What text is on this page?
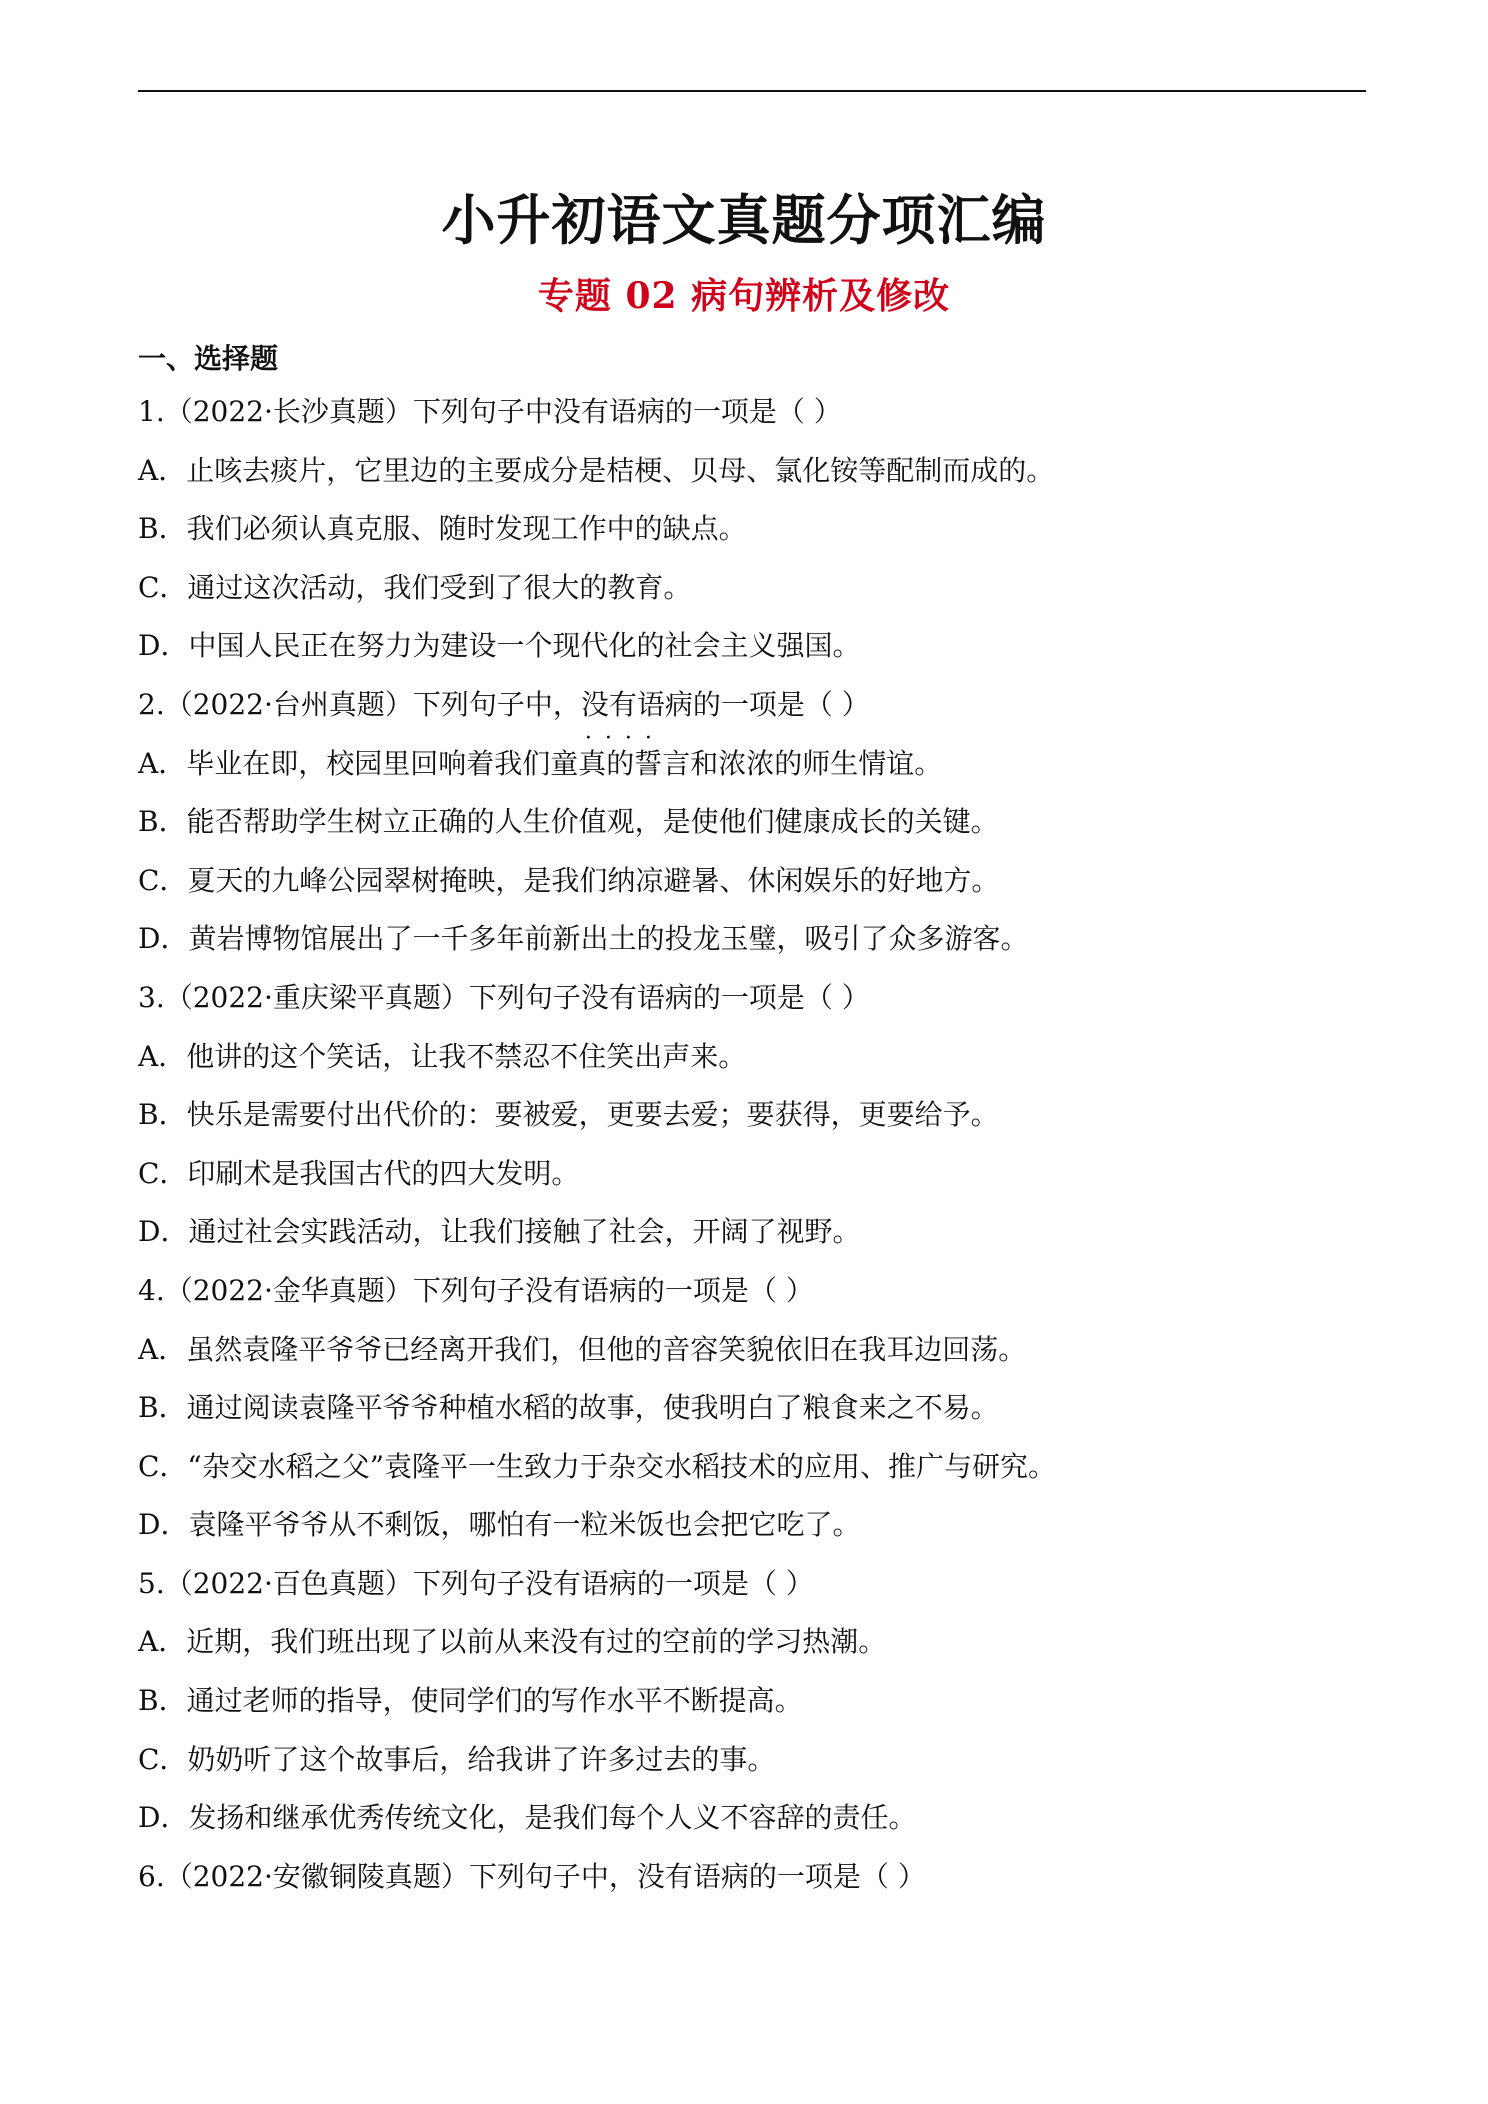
小升初语文真题分项汇编
专题 02 病句辨析及修改
一、选择题
1.（2022·长沙真题）下列句子中没有语病的一项是（ ）
A．止咳去痰片，它里边的主要成分是桔梗、贝母、氯化铵等配制而成的。
B．我们必须认真克服、随时发现工作中的缺点。
C．通过这次活动，我们受到了很大的教育。
D．中国人民正在努力为建设一个现代化的社会主义强国。
2.（2022·台州真题）下列句子中，没有语病 · · · ·的一项是（ ）
A．毕业在即，校园里回响着我们童真的誓言和浓浓的师生情谊。
B．能否帮助学生树立正确的人生价值观，是使他们健康成长的关键。
C．夏天的九峰公园翠树掩映，是我们纳凉避暑、休闲娱乐的好地方。
D．黄岩博物馆展出了一千多年前新出土的投龙玉璧，吸引了众多游客。
3.（2022·重庆梁平真题）下列句子没有语病的一项是（ ）
A．他讲的这个笑话，让我不禁忍不住笑出声来。
B．快乐是需要付出代价的：要被爱，更要去爱；要获得，更要给予。
C．印刷术是我国古代的四大发明。
D．通过社会实践活动，让我们接触了社会，开阔了视野。
4.（2022·金华真题）下列句子没有语病的一项是（ ）
A．虽然袁隆平爷爷已经离开我们，但他的音容笑貌依旧在我耳边回荡。
B．通过阅读袁隆平爷爷种植水稻的故事，使我明白了粮食来之不易。
C．“杂交水稻之父”袁隆平一生致力于杂交水稻技术的应用、推广与研究。
D．袁隆平爷爷从不剩饭，哪怕有一粒米饭也会把它吃了。
5.（2022·百色真题）下列句子没有语病的一项是（ ）
A．近期，我们班出现了以前从来没有过的空前的学习热潮。
B．通过老师的指导，使同学们的写作水平不断提高。
C．奶奶听了这个故事后，给我讲了许多过去的事。
D．发扬和继承优秀传统文化，是我们每个人义不容辞的责任。
6.（2022·安徽铜陵真题）下列句子中，没有语病的一项是（ ）
